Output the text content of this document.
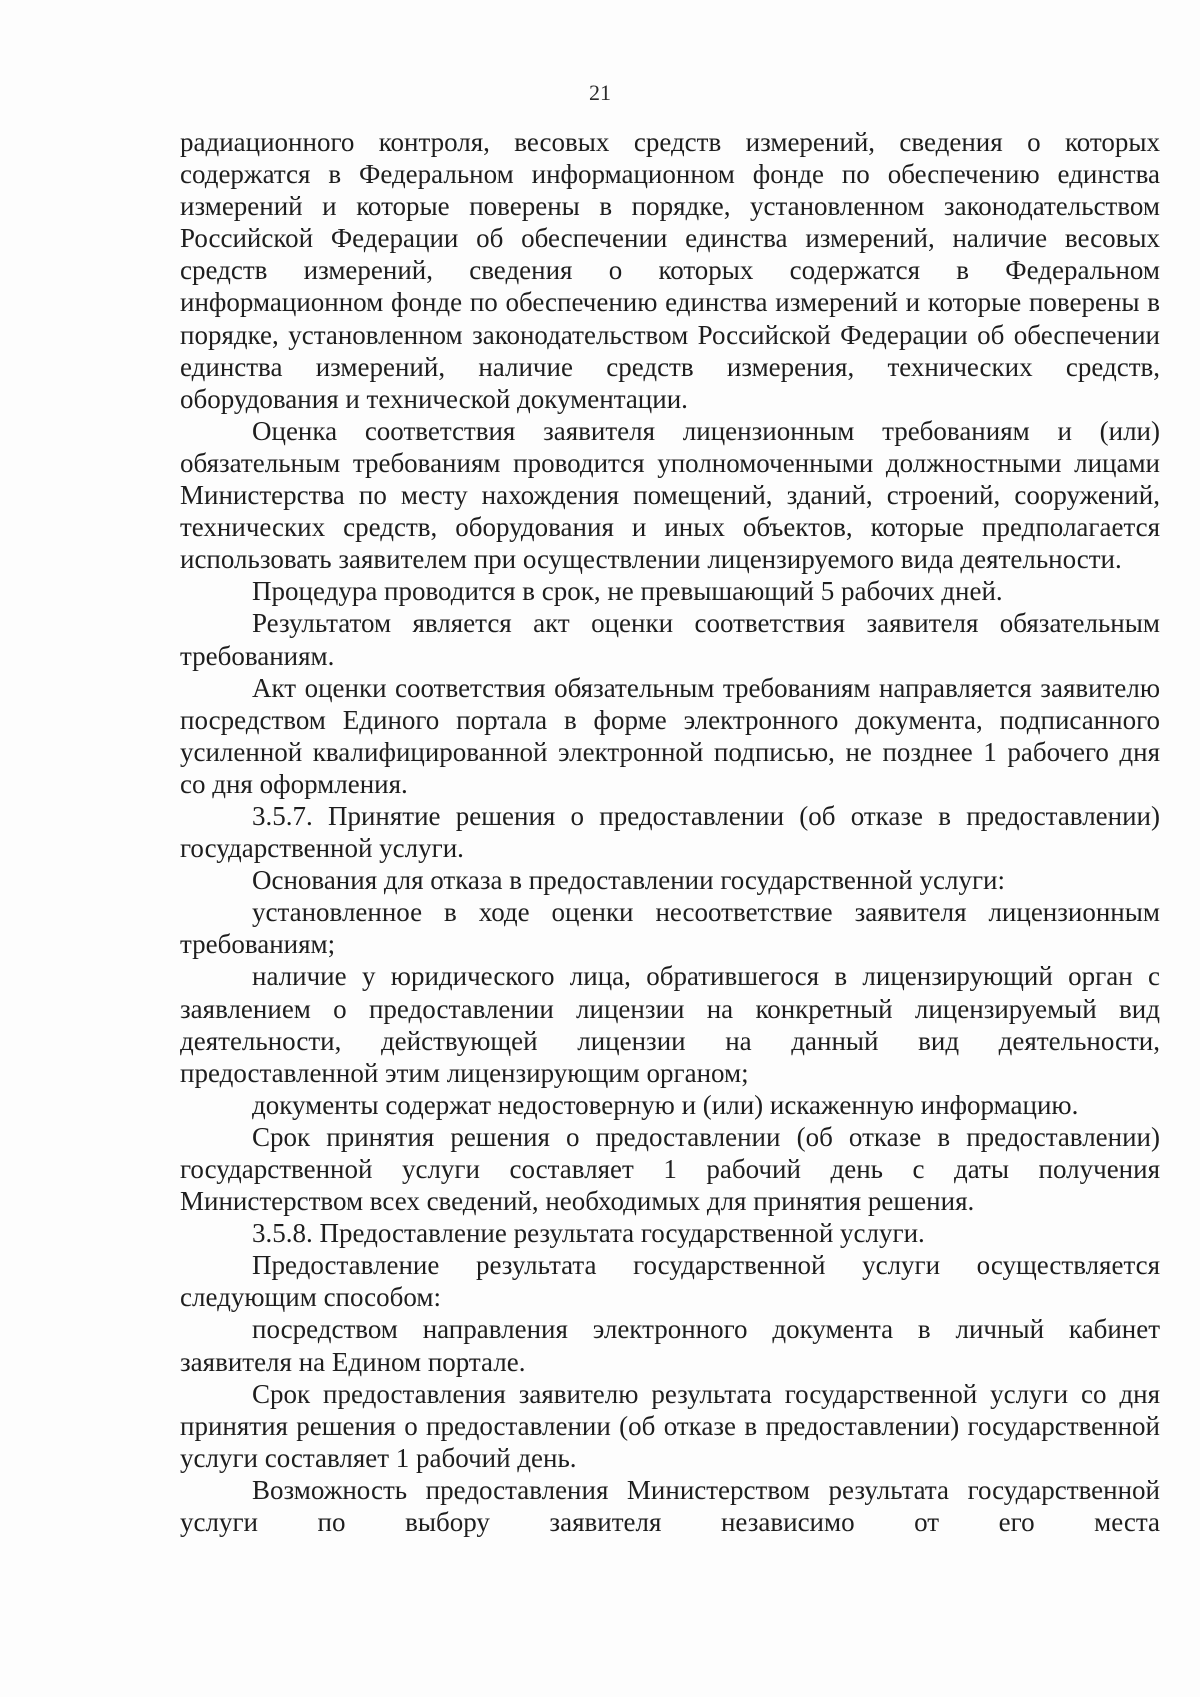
21

радиационного контроля, весовых средств измерений, сведения о которых содержатся в Федеральном информационном фонде по обеспечению единства измерений и которые поверены в порядке, установленном законодательством Российской Федерации об обеспечении единства измерений, наличие весовых средств измерений, сведения о которых содержатся в Федеральном информационном фонде по обеспечению единства измерений и которые поверены в порядке, установленном законодательством Российской Федерации об обеспечении единства измерений, наличие средств измерения, технических средств, оборудования и технической документации.

Оценка соответствия заявителя лицензионным требованиям и (или) обязательным требованиям проводится уполномоченными должностными лицами Министерства по месту нахождения помещений, зданий, строений, сооружений, технических средств, оборудования и иных объектов, которые предполагается использовать заявителем при осуществлении лицензируемого вида деятельности.

Процедура проводится в срок, не превышающий 5 рабочих дней.

Результатом является акт оценки соответствия заявителя обязательным требованиям.

Акт оценки соответствия обязательным требованиям направляется заявителю посредством Единого портала в форме электронного документа, подписанного усиленной квалифицированной электронной подписью, не позднее 1 рабочего дня со дня оформления.

3.5.7. Принятие решения о предоставлении (об отказе в предоставлении) государственной услуги.

Основания для отказа в предоставлении государственной услуги:

установленное в ходе оценки несоответствие заявителя лицензионным требованиям;

наличие у юридического лица, обратившегося в лицензирующий орган с заявлением о предоставлении лицензии на конкретный лицензируемый вид деятельности, действующей лицензии на данный вид деятельности, предоставленной этим лицензирующим органом;

документы содержат недостоверную и (или) искаженную информацию.

Срок принятия решения о предоставлении (об отказе в предоставлении) государственной услуги составляет 1 рабочий день с даты получения Министерством всех сведений, необходимых для принятия решения.

3.5.8. Предоставление результата государственной услуги.

Предоставление результата государственной услуги осуществляется следующим способом:

посредством направления электронного документа в личный кабинет заявителя на Едином портале.

Срок предоставления заявителю результата государственной услуги со дня принятия решения о предоставлении (об отказе в предоставлении) государственной услуги составляет 1 рабочий день.

Возможность предоставления Министерством результата государственной услуги по выбору заявителя независимо от его места
